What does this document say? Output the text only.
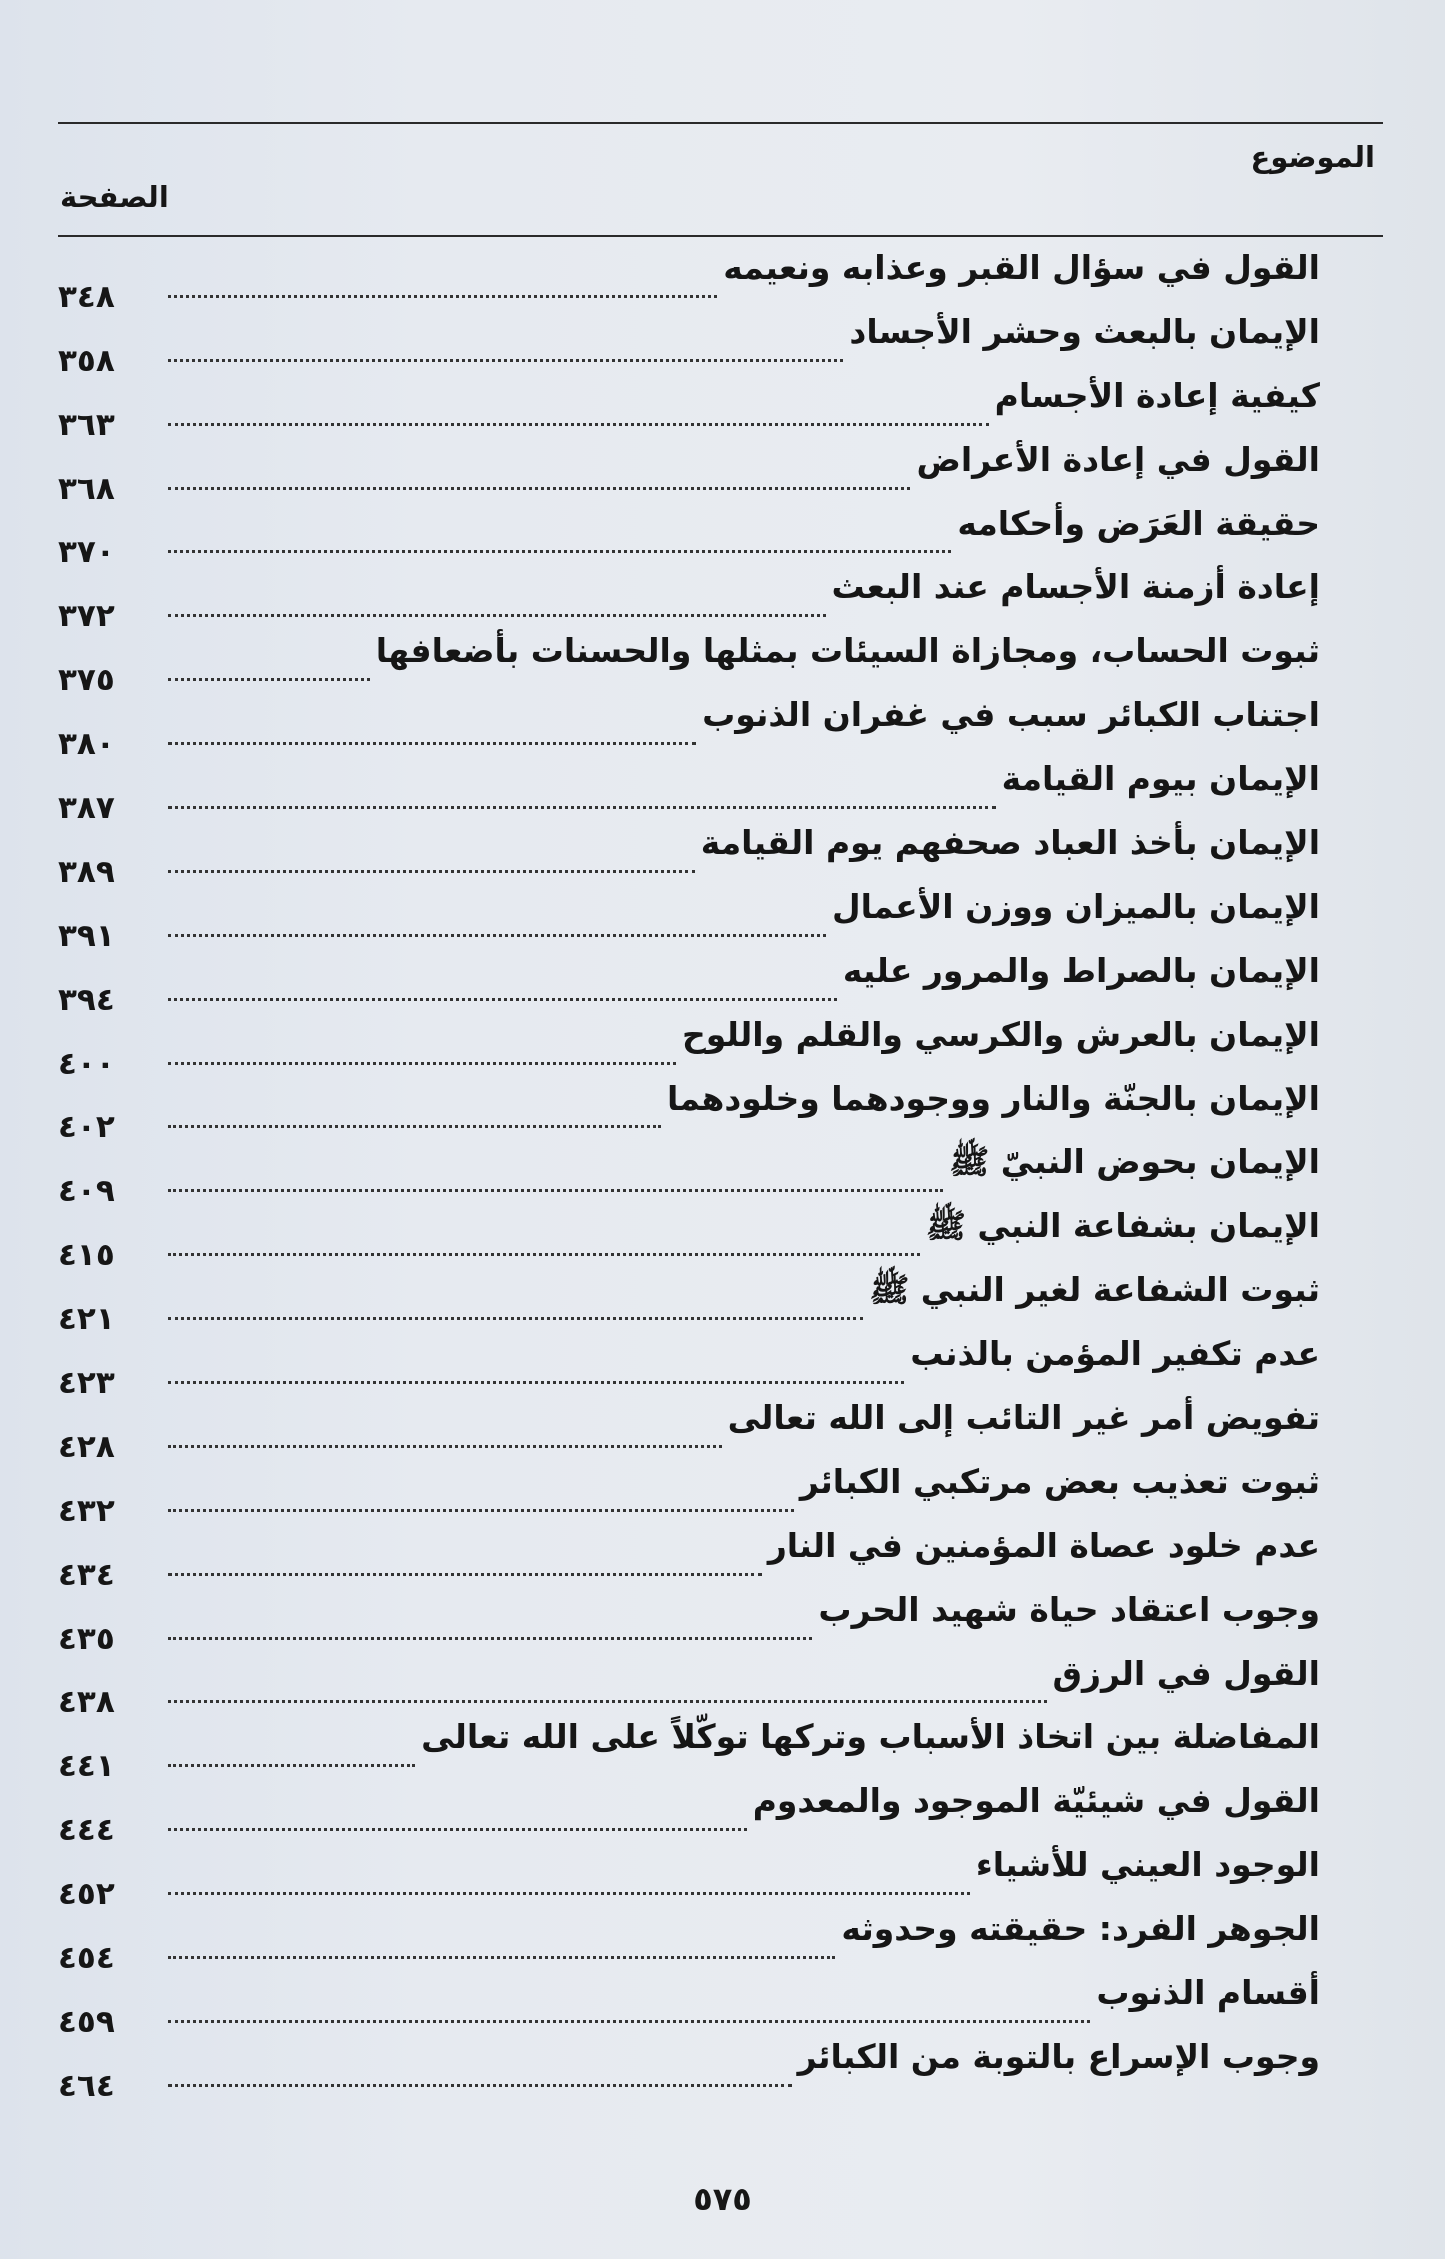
الموضوع
الصفحة
القول في سؤال القبر وعذابه ونعيمه
٣٤٨
الإيمان بالبعث وحشر الأجساد
٣٥٨
كيفية إعادة الأجسام
٣٦٣
القول في إعادة الأعراض
٣٦٨
حقيقة العَرَض وأحكامه
٣٧٠
إعادة أزمنة الأجسام عند البعث
٣٧٢
ثبوت الحساب، ومجازاة السيئات بمثلها والحسنات بأضعافها
٣٧٥
اجتناب الكبائر سبب في غفران الذنوب
٣٨٠
الإيمان بيوم القيامة
٣٨٧
الإيمان بأخذ العباد صحفهم يوم القيامة
٣٨٩
الإيمان بالميزان ووزن الأعمال
٣٩١
الإيمان بالصراط والمرور عليه
٣٩٤
الإيمان بالعرش والكرسي والقلم واللوح
٤٠٠
الإيمان بالجنّة والنار ووجودهما وخلودهما
٤٠٢
الإيمان بحوض النبيّ ﷺ
٤٠٩
الإيمان بشفاعة النبي ﷺ
٤١٥
ثبوت الشفاعة لغير النبي ﷺ
٤٢١
عدم تكفير المؤمن بالذنب
٤٢٣
تفويض أمر غير التائب إلى الله تعالى
٤٢٨
ثبوت تعذيب بعض مرتكبي الكبائر
٤٣٢
عدم خلود عصاة المؤمنين في النار
٤٣٤
وجوب اعتقاد حياة شهيد الحرب
٤٣٥
القول في الرزق
٤٣٨
المفاضلة بين اتخاذ الأسباب وتركها توكّلاً على الله تعالى
٤٤١
القول في شيئيّة الموجود والمعدوم
٤٤٤
الوجود العيني للأشياء
٤٥٢
الجوهر الفرد: حقيقته وحدوثه
٤٥٤
أقسام الذنوب
٤٥٩
وجوب الإسراع بالتوبة من الكبائر
٤٦٤
٥٧٥
